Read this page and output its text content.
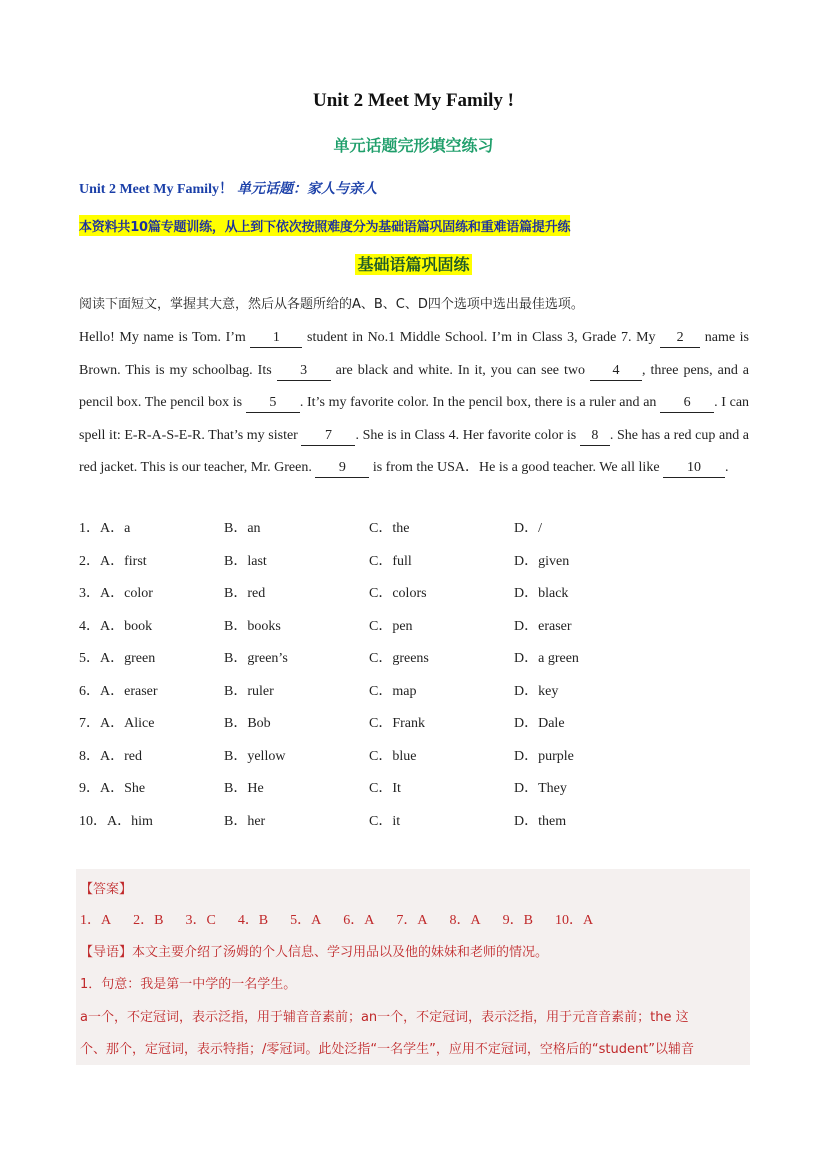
Unit 2 Meet My Family !
单元话题完形填空练习
Unit 2 Meet My Family！ 单元话题：家人与亲人
本资料共10篇专题训练，从上到下依次按照难度分为基础语篇巩固练和重难语篇提升练
基础语篇巩固练
阅读下面短文，掌握其大意，然后从各题所给的A、B、C、D四个选项中选出最佳选项。
Hello! My name is Tom. I’m 1 student in No.1 Middle School. I’m in Class 3, Grade 7. My 2 name is Brown. This is my schoolbag. Its 3 are black and white. In it, you can see two 4 , three pens, and a pencil box. The pencil box is 5 . It’s my favorite color. In the pencil box, there is a ruler and an 6 . I can spell it: E-R-A-S-E-R. That’s my sister 7 . She is in Class 4. Her favorite color is 8 . She has a red cup and a red jacket. This is our teacher, Mr. Green. 9 is from the USA．He is a good teacher. We all like 10 .
1．A．a	B．an	C．the	D．/
2．A．first	B．last	C．full	D．given
3．A．color	B．red	C．colors	D．black
4．A．book	B．books	C．pen	D．eraser
5．A．green	B．green’s	C．greens	D．a green
6．A．eraser	B．ruler	C．map	D．key
7．A．Alice	B．Bob	C．Frank	D．Dale
8．A．red	B．yellow	C．blue	D．purple
9．A．She	B．He	C．It	D．They
10．A．him	B．her	C．it	D．them
【答案】
1．A 2．B 3．C 4．B 5．A 6．A 7．A 8．A 9．B 10．A
【导语】本文主要介绍了汤姆的个人信息、学习用品以及他的妹妹和老师的情况。
1．句意：我是第一中学的一名学生。
a一个，不定冠词，表示泛指，用于辅音音素前；an一个，不定冠词，表示泛指，用于元音音素前；the 这
个、那个，定冠词，表示特指；/零冠词。此处泛指“一名学生”，应用不定冠词，空格后的“student”以辅音
